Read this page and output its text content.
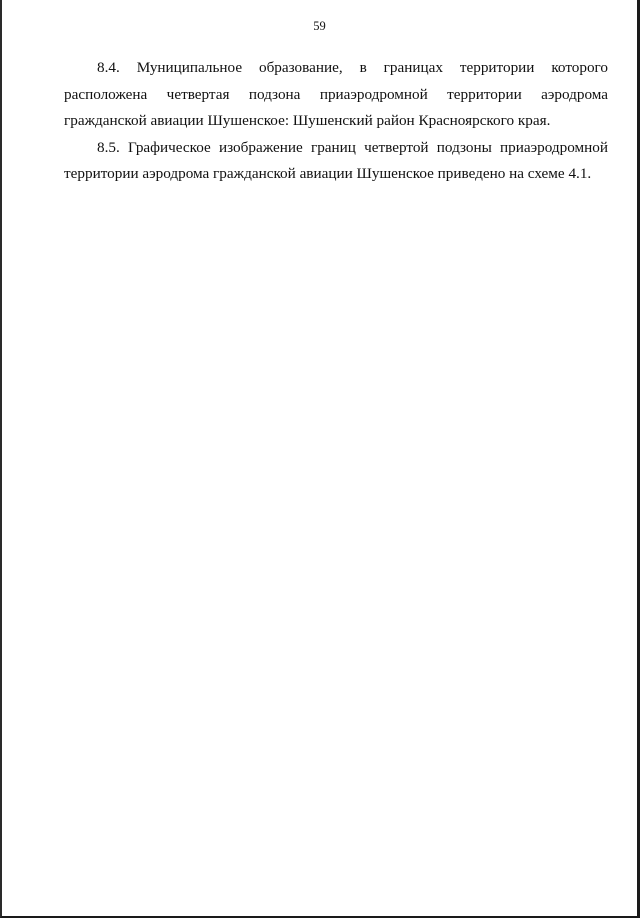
59

8.4. Муниципальное образование, в границах территории которого расположена четвертая подзона приаэродромной территории аэродрома гражданской авиации Шушенское: Шушенский район Красноярского края.

8.5. Графическое изображение границ четвертой подзоны приаэродромной территории аэродрома гражданской авиации Шушенское приведено на схеме 4.1.
